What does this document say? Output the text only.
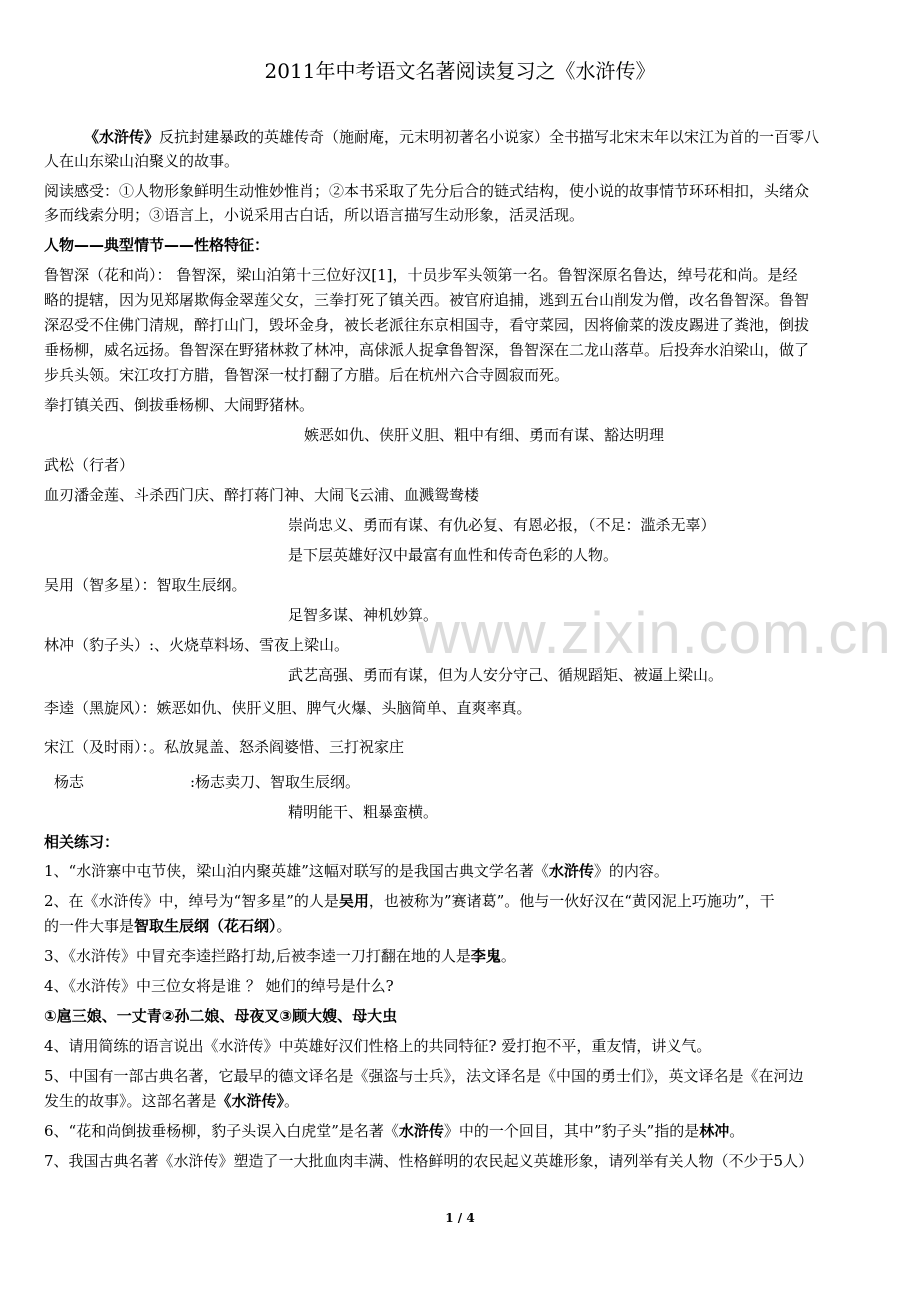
www.zixin.com.cn
2011年中考语文名著阅读复习之《水浒传》
《水浒传》反抗封建暴政的英雄传奇（施耐庵，元末明初著名小说家）全书描写北宋末年以宋江为首的一百零八
人在山东梁山泊聚义的故事。
阅读感受：①人物形象鲜明生动惟妙惟肖；②本书采取了先分后合的链式结构，使小说的故事情节环环相扣，头绪众
多而线索分明；③语言上，小说采用古白话，所以语言描写生动形象，活灵活现。
人物——典型情节——性格特征：
鲁智深（花和尚）： 鲁智深，梁山泊第十三位好汉[1]，十员步军头领第一名。鲁智深原名鲁达，绰号花和尚。是经
略的提辖，因为见郑屠欺侮金翠莲父女，三拳打死了镇关西。被官府追捕，逃到五台山削发为僧，改名鲁智深。鲁智
深忍受不住佛门清规，醉打山门，毁坏金身，被长老派往东京相国寺，看守菜园，因将偷菜的泼皮踢进了粪池，倒拔
垂杨柳，威名远扬。鲁智深在野猪林救了林冲，高俅派人捉拿鲁智深，鲁智深在二龙山落草。后投奔水泊梁山，做了
步兵头领。宋江攻打方腊，鲁智深一杖打翻了方腊。后在杭州六合寺圆寂而死。
拳打镇关西、倒拔垂杨柳、大闹野猪林。
嫉恶如仇、侠肝义胆、粗中有细、勇而有谋、豁达明理
武松（行者）
血刃潘金莲、斗杀西门庆、醉打蒋门神、大闹飞云浦、血溅鸳鸯楼
崇尚忠义、勇而有谋、有仇必复、有恩必报，（不足：滥杀无辜）
是下层英雄好汉中最富有血性和传奇色彩的人物。
吴用（智多星）：智取生辰纲。
足智多谋、神机妙算。
林冲（豹子头）:、火烧草料场、雪夜上梁山。
武艺高强、勇而有谋，但为人安分守己、循规蹈矩、被逼上梁山。
李逵（黑旋风）：嫉恶如仇、侠肝义胆、脾气火爆、头脑简单、直爽率真。
宋江（及时雨）：。私放晁盖、怒杀阎婆惜、三打祝家庄
杨志	:杨志卖刀、智取生辰纲。
精明能干、粗暴蛮横。
相关练习：
1、“水浒寨中屯节侠，梁山泊内聚英雄”这幅对联写的是我国古典文学名著《水浒传》的内容。
2、在《水浒传》中，绰号为“智多星”的人是吴用，也被称为”赛诸葛”。他与一伙好汉在“黄冈泥上巧施功”，干
的一件大事是智取生辰纲（花石纲）。
3、《水浒传》中冒充李逵拦路打劫,后被李逵一刀打翻在地的人是李鬼。
4、《水浒传》中三位女将是谁 ？ 她们的绰号是什么?
①扈三娘、一丈青②孙二娘、母夜叉③顾大嫂、母大虫
4、请用简练的语言说出《水浒传》中英雄好汉们性格上的共同特征? 爱打抱不平，重友情，讲义气。
5、中国有一部古典名著，它最早的德文译名是《强盗与士兵》，法文译名是《中国的勇士们》，英文译名是《在河边
发生的故事》。这部名著是《水浒传》。
6、“花和尚倒拔垂杨柳，豹子头误入白虎堂”是名著《水浒传》中的一个回目，其中”豹子头”指的是林冲。
7、我国古典名著《水浒传》塑造了一大批血肉丰满、性格鲜明的农民起义英雄形象，请列举有关人物（不少于5人）
1 / 4
